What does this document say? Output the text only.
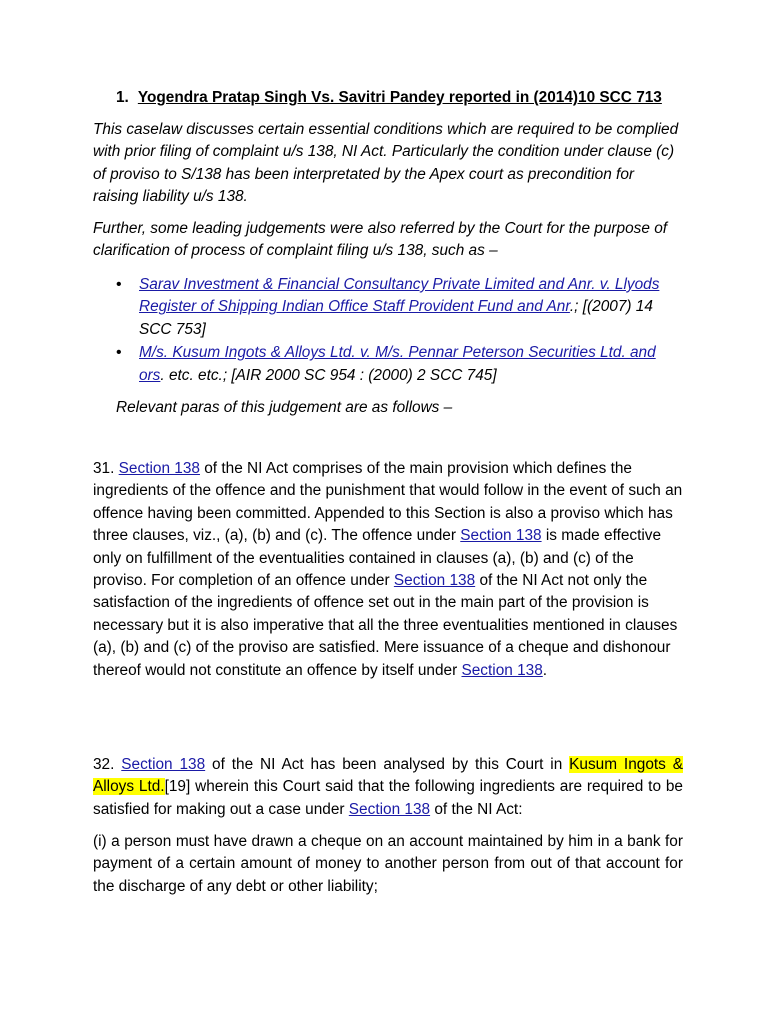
1. Yogendra Pratap Singh Vs. Savitri Pandey reported in (2014)10 SCC 713

This caselaw discusses certain essential conditions which are required to be complied with prior filing of complaint u/s 138, NI Act. Particularly the condition under clause (c) of proviso to S/138 has been interpretated by the Apex court as precondition for raising liability u/s 138.

Further, some leading judgements were also referred by the Court for the purpose of clarification of process of complaint filing u/s 138, such as –

• Sarav Investment & Financial Consultancy Private Limited and Anr. v. Llyods Register of Shipping Indian Office Staff Provident Fund and Anr.; [(2007) 14 SCC 753]
• M/s. Kusum Ingots & Alloys Ltd. v. M/s. Pennar Peterson Securities Ltd. and ors. etc. etc.; [AIR 2000 SC 954 : (2000) 2 SCC 745]
Relevant paras of this judgement are as follows –

31. Section 138 of the NI Act comprises of the main provision which defines the ingredients of the offence and the punishment that would follow in the event of such an offence having been committed. Appended to this Section is also a proviso which has three clauses, viz., (a), (b) and (c). The offence under Section 138 is made effective only on fulfillment of the eventualities contained in clauses (a), (b) and (c) of the proviso. For completion of an offence under Section 138 of the NI Act not only the satisfaction of the ingredients of offence set out in the main part of the provision is necessary but it is also imperative that all the three eventualities mentioned in clauses (a), (b) and (c) of the proviso are satisfied. Mere issuance of a cheque and dishonour thereof would not constitute an offence by itself under Section 138.

32. Section 138 of the NI Act has been analysed by this Court in Kusum Ingots & Alloys Ltd.[19] wherein this Court said that the following ingredients are required to be satisfied for making out a case under Section 138 of the NI Act:

(i) a person must have drawn a cheque on an account maintained by him in a bank for payment of a certain amount of money to another person from out of that account for the discharge of any debt or other liability;
